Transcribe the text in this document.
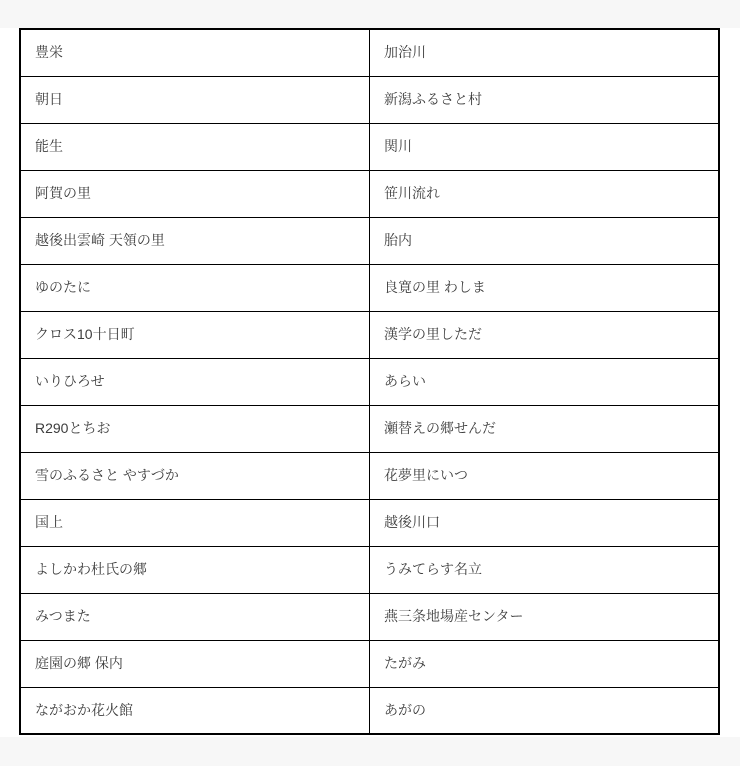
豊栄	加治川
朝日	新潟ふるさと村
能生	関川
阿賀の里	笹川流れ
越後出雲崎 天領の里	胎内
ゆのたに	良寛の里 わしま
クロス10十日町	漢学の里しただ
いりひろせ	あらい
R290とちお	瀬替えの郷せんだ
雪のふるさと やすづか	花夢里にいつ
国上	越後川口
よしかわ杜氏の郷	うみてらす名立
みつまた	燕三条地場産センター
庭園の郷 保内	たがみ
ながおか花火館	あがの
